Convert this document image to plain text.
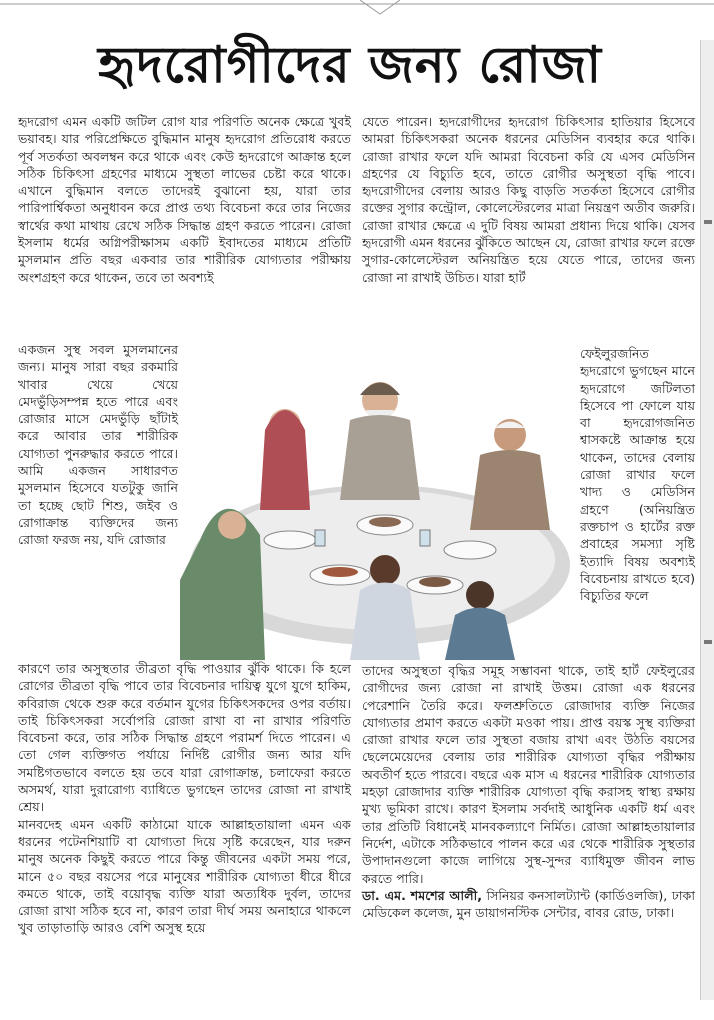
হৃদরোগীদের জন্য রোজা

হৃদরোগ এমন একটি জটিল রোগ যার পরিণতি অনেক ক্ষেত্রে খুবই ভয়াবহ। যার পরিপ্রেক্ষিতে বুদ্ধিমান মানুষ হৃদরোগ প্রতিরোধ করতে পূর্ব সতর্কতা অবলম্বন করে থাকে এবং কেউ হৃদরোগে আক্রান্ত হলে সঠিক চিকিৎসা গ্রহণের মাধ্যমে সুস্থতা লাভের চেষ্টা করে থাকে। এখানে বুদ্ধিমান বলতে তাদেরই বুঝানো হয়, যারা তার পারিপার্শ্বিকতা অনুধাবন করে প্রাপ্ত তথ্য বিবেচনা করে তার নিজের স্বার্থের কথা মাথায় রেখে সঠিক সিদ্ধান্ত গ্রহণ করতে পারেন। রোজা ইসলাম ধর্মের অগ্নিপরীক্ষাসম একটি ইবাদতের মাধ্যমে প্রতিটি মুসলমান প্রতি বছর একবার তার শারীরিক যোগ্যতার পরীক্ষায় অংশগ্রহণ করে থাকেন, তবে তা অবশ্যই

একজন সুস্থ সবল মুসলমানের জন্য। মানুষ সারা বছর রকমারি খাবার খেয়ে খেয়ে মেদভুঁড়িসম্পন্ন হতে পারে এবং রোজার মাসে মেদভুঁড়ি ছাঁটাই করে আবার তার শারীরিক যোগ্যতা পুনরুদ্ধার করতে পারে। আমি একজন সাধারণত মুসলমান হিসেবে যতটুকু জানি তা হচ্ছে ছোট শিশু, জইব ও রোগাক্রান্ত ব্যক্তিদের জন্য রোজা ফরজ নয়, যদি রোজার

যেতে পারেন। হৃদরোগীদের হৃদরোগ চিকিৎসার হাতিয়ার হিসেবে আমরা চিকিৎসকরা অনেক ধরনের মেডিসিন ব্যবহার করে থাকি। রোজা রাখার ফলে যদি আমরা বিবেচনা করি যে এসব মেডিসিন গ্রহণের যে বিচ্যুতি হবে, তাতে রোগীর অসুস্থতা বৃদ্ধি পাবে। হৃদরোগীদের বেলায় আরও কিছু বাড়তি সতর্কতা হিসেবে রোগীর রক্তের সুগার কন্ট্রোল, কোলেস্টেরলের মাত্রা নিয়ন্ত্রণ অতীব জরুরি। রোজা রাখার ক্ষেত্রে এ দুটি বিষয় আমরা প্রধান্য দিয়ে থাকি। যেসব হৃদরোগী এমন ধরনের ঝুঁকিতে আছেন যে, রোজা রাখার ফলে রক্তে সুগার-কোলেস্টেরল অনিয়ন্ত্রিত হয়ে যেতে পারে, তাদের জন্য রোজা না রাখাই উচিত। যারা হার্ট

ফেইলুরজনিত হৃদরোগে ভুগছেন মানে হৃদরোগে জটিলতা হিসেবে পা ফোলে যায় বা হৃদরোগজনিত শ্বাসকষ্টে আক্রান্ত হয়ে থাকেন, তাদের বেলায় রোজা রাখার ফলে খাদ্য ও মেডিসিন গ্রহণে (অনিয়ন্ত্রিত রক্তচাপ ও হার্টের রক্ত প্রবাহের সমস্যা সৃষ্টি ইত্যাদি বিষয় অবশ্যই বিবেচনায় রাখতে হবে) বিচ্যুতির ফলে

কারণে তার অসুস্থতার তীব্রতা বৃদ্ধি পাওয়ার ঝুঁকি থাকে। কি হলে রোগের তীব্রতা বৃদ্ধি পাবে তার বিবেচনার দায়িত্ব যুগে যুগে হাকিম, কবিরাজ থেকে শুরু করে বর্তমান যুগের চিকিৎসকদের ওপর বর্তায়। তাই চিকিৎসকরা সর্বোপরি রোজা রাখা বা না রাখার পরিণতি বিবেচনা করে, তার সঠিক সিদ্ধান্ত গ্রহণে পরামর্শ দিতে পারেন। এ তো গেল ব্যক্তিগত পর্যায়ে নির্দিষ্ট রোগীর জন্য আর যদি সমষ্টিগতভাবে বলতে হয় তবে যারা রোগাক্রান্ত, চলাফেরা করতে অসমর্থ, যারা দুরারোগ্য ব্যাধিতে ভুগছেন তাদের রোজা না রাখাই শ্রেয়।

মানবদেহ এমন একটি কাঠামো যাকে আল্লাহতায়ালা এমন এক ধরনের পটেনশিয়াটি বা যোগ্যতা দিয়ে সৃষ্টি করেছেন, যার দরুন মানুষ অনেক কিছুই করতে পারে কিন্তু জীবনের একটা সময় পরে, মানে ৫০ বছর বয়সের পরে মানুষের শারীরিক যোগ্যতা ধীরে ধীরে কমতে থাকে, তাই বয়োবৃদ্ধ ব্যক্তি যারা অত্যধিক দুর্বল, তাদের রোজা রাখা সঠিক হবে না, কারণ তারা দীর্ঘ সময় অনাহারে থাকলে খুব তাড়াতাড়ি আরও বেশি অসুস্থ হয়ে

তাদের অসুস্থতা বৃদ্ধির সমূহ সম্ভাবনা থাকে, তাই হার্ট ফেইলুরের রোগীদের জন্য রোজা না রাখাই উত্তম। রোজা এক ধরনের পেরেশানি তৈরি করে। ফলশ্রুতিতে রোজাদার ব্যক্তি নিজের যোগ্যতার প্রমাণ করতে একটা মওকা পায়। প্রাপ্ত বয়স্ক সুস্থ ব্যক্তিরা রোজা রাখার ফলে তার সুস্থতা বজায় রাখা এবং উঠতি বয়সের ছেলেমেয়েদের বেলায় তার শারীরিক যোগ্যতা বৃদ্ধির পরীক্ষায় অবতীর্ণ হতে পারবে। বছরে এক মাস এ ধরনের শারীরিক যোগ্যতার মহড়া রোজাদার ব্যক্তি শারীরিক যোগ্যতা বৃদ্ধি করাসহ স্বাস্থ্য রক্ষায় মুখ্য ভূমিকা রাখে। কারণ ইসলাম সর্বদাই আধুনিক একটি ধর্ম এবং তার প্রতিটি বিধানেই মানবকল্যাণে নির্মিত। রোজা আল্লাহতায়ালার নির্দেশ, এটাকে সঠিকভাবে পালন করে এর থেকে শারীরিক সুস্থতার উপাদানগুলো কাজে লাগিয়ে সুস্থ-সুন্দর ব্যাধিমুক্ত জীবন লাভ করতে পারি।

ডা. এম. শমশের আলী, সিনিয়র কনসালট্যান্ট (কার্ডিওলজি), ঢাকা মেডিকেল কলেজ, মুন ডায়াগনস্টিক সেন্টার, বাবর রোড, ঢাকা।
